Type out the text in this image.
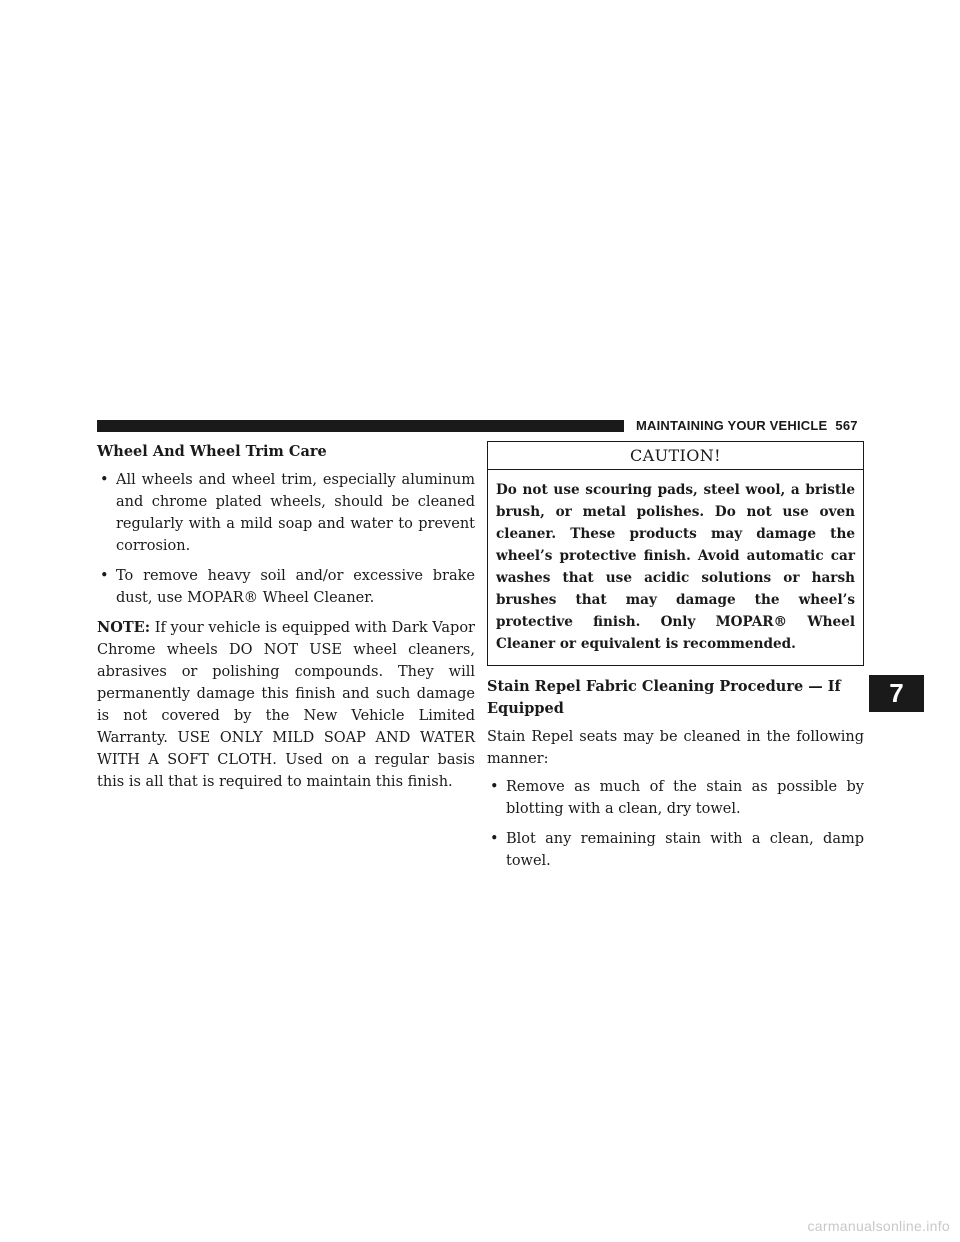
MAINTAINING YOUR VEHICLE 567
Wheel And Wheel Trim Care
• All wheels and wheel trim, especially aluminum and chrome plated wheels, should be cleaned regularly with a mild soap and water to prevent corrosion.
• To remove heavy soil and/or excessive brake dust, use MOPAR® Wheel Cleaner.

NOTE: If your vehicle is equipped with Dark Vapor Chrome wheels DO NOT USE wheel cleaners, abrasives or polishing compounds. They will permanently damage this finish and such damage is not covered by the New Vehicle Limited Warranty. USE ONLY MILD SOAP AND WATER WITH A SOFT CLOTH. Used on a regular basis this is all that is required to maintain this finish.

CAUTION!
Do not use scouring pads, steel wool, a bristle brush, or metal polishes. Do not use oven cleaner. These products may damage the wheel’s protective finish. Avoid automatic car washes that use acidic solutions or harsh brushes that may damage the wheel’s protective finish. Only MOPAR® Wheel Cleaner or equivalent is recommended.
Stain Repel Fabric Cleaning Procedure — If Equipped

Stain Repel seats may be cleaned in the following manner:

• Remove as much of the stain as possible by blotting with a clean, dry towel.
• Blot any remaining stain with a clean, damp towel.
7
carmanualsonline.info
